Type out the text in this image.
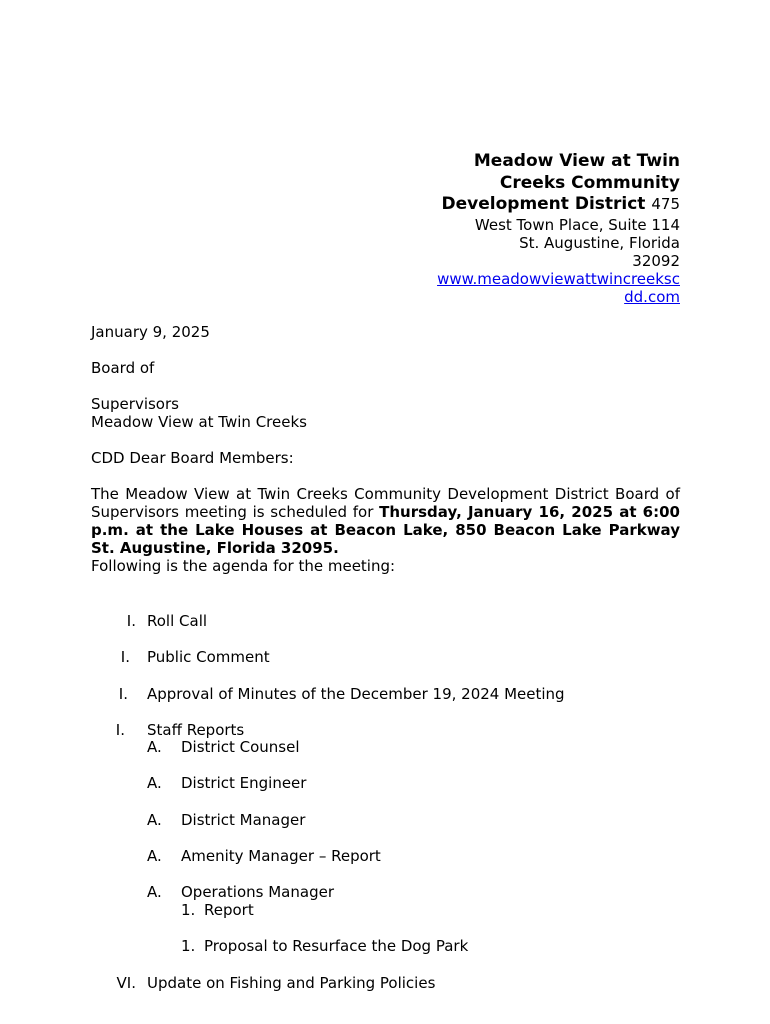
Meadow View at Twin
Creeks Community
Development District 475
West Town Place, Suite 114
St. Augustine, Florida
32092
www.meadowviewattwincreeksc
dd.com
January 9, 2025
Board of
Supervisors
Meadow View at Twin Creeks
CDD Dear Board Members:
The Meadow View at Twin Creeks Community Development District Board of Supervisors meeting is scheduled for Thursday, January 16, 2025 at 6:00 p.m. at the Lake Houses at Beacon Lake, 850 Beacon Lake Parkway St. Augustine, Florida 32095.
Following is the agenda for the meeting:
I. Roll Call
I. Public Comment
I. Approval of Minutes of the December 19, 2024 Meeting
I. Staff Reports
A. District Counsel
A. District Engineer
A. District Manager
A. Amenity Manager – Report
A. Operations Manager
1. Report
1. Proposal to Resurface the Dog Park
VI. Update on Fishing and Parking Policies
